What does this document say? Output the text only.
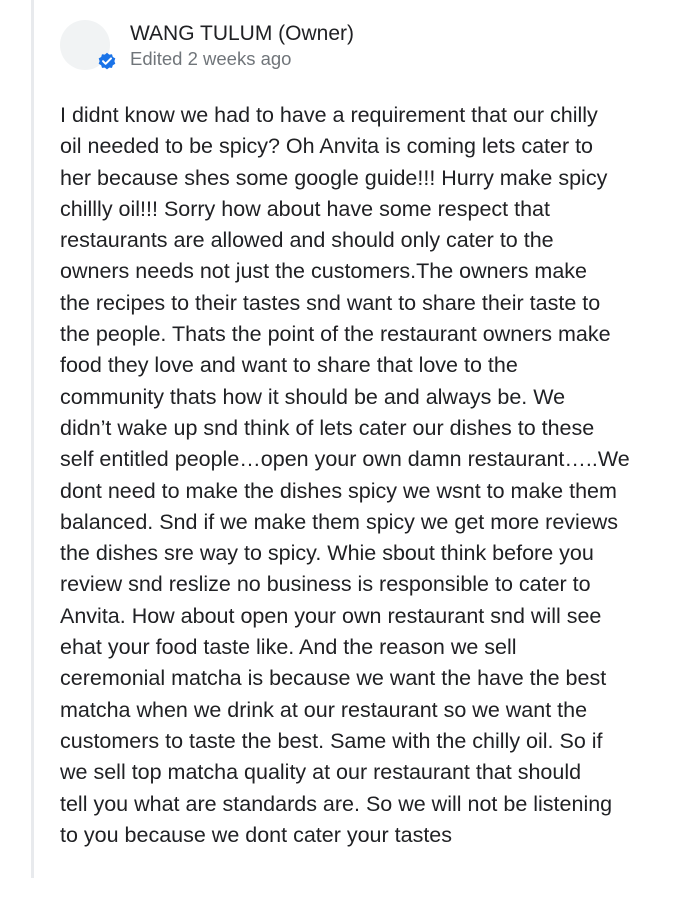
WANG TULUM (Owner)
Edited 2 weeks ago

I didnt know we had to have a requirement that our chilly
oil needed to be spicy? Oh Anvita is coming lets cater to
her because shes some google guide!!! Hurry make spicy
chillly oil!!! Sorry how about have some respect that
restaurants are allowed and should only cater to the
owners needs not just the customers.The owners make
the recipes to their tastes snd want to share their taste to
the people. Thats the point of the restaurant owners make
food they love and want to share that love to the
community thats how it should be and always be. We
didn’t wake up snd think of lets cater our dishes to these
self entitled people…open your own damn restaurant…..We
dont need to make the dishes spicy we wsnt to make them
balanced. Snd if we make them spicy we get more reviews
the dishes sre way to spicy. Whie sbout think before you
review snd reslize no business is responsible to cater to
Anvita. How about open your own restaurant snd will see
ehat your food taste like. And the reason we sell
ceremonial matcha is because we want the have the best
matcha when we drink at our restaurant so we want the
customers to taste the best. Same with the chilly oil. So if
we sell top matcha quality at our restaurant that should
tell you what are standards are. So we will not be listening
to you because we dont cater your tastes
